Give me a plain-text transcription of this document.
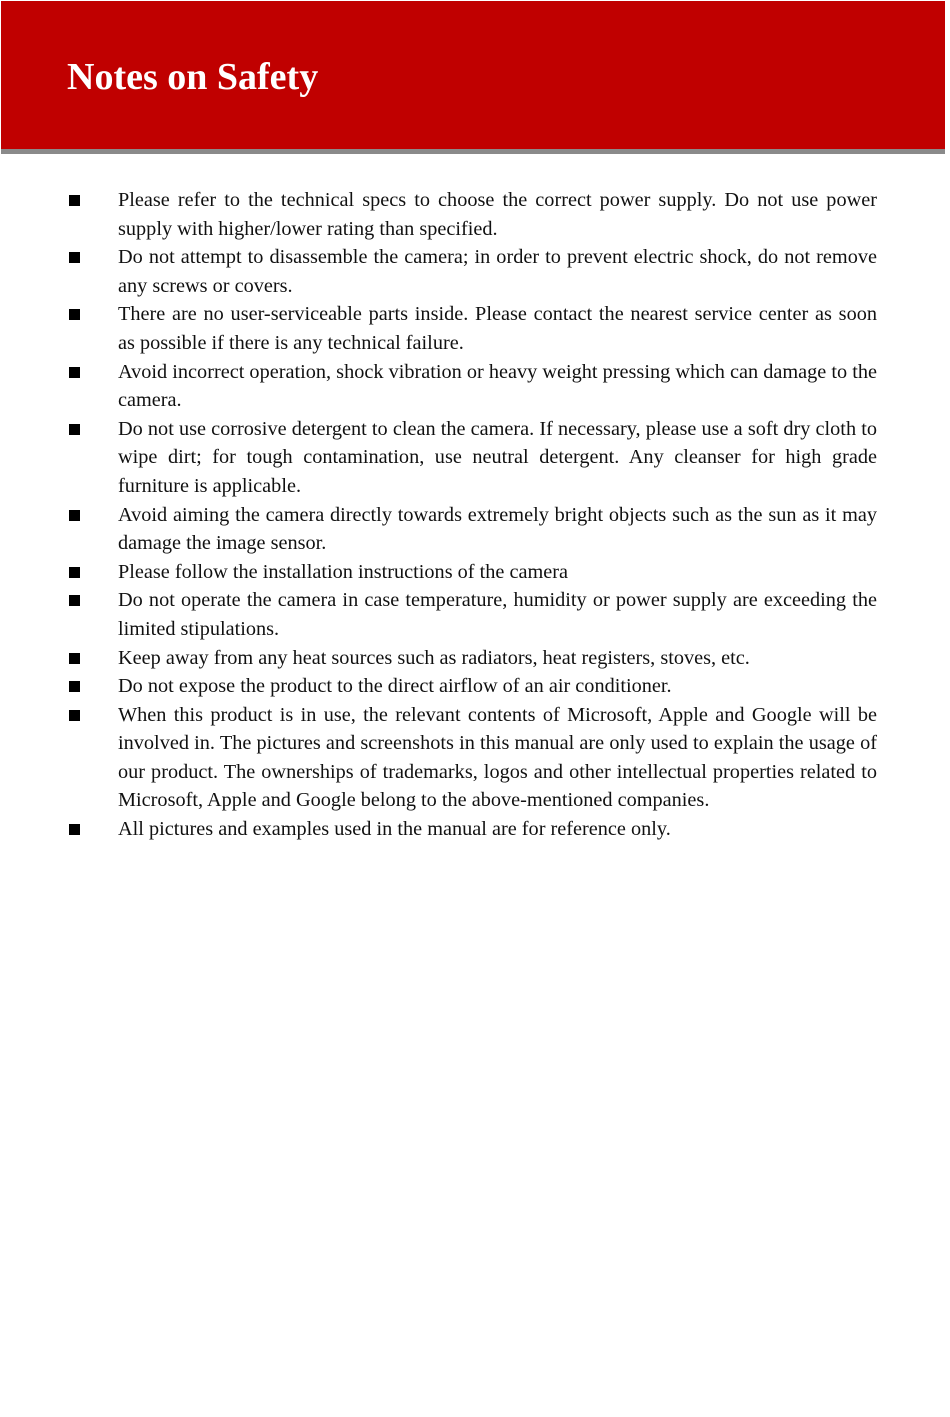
Notes on Safety
Please refer to the technical specs to choose the correct power supply. Do not use power supply with higher/lower rating than specified.
Do not attempt to disassemble the camera; in order to prevent electric shock, do not remove any screws or covers.
There are no user-serviceable parts inside. Please contact the nearest service center as soon as possible if there is any technical failure.
Avoid incorrect operation, shock vibration or heavy weight pressing which can damage to the camera.
Do not use corrosive detergent to clean the camera. If necessary, please use a soft dry cloth to wipe dirt; for tough contamination, use neutral detergent. Any cleanser for high grade furniture is applicable.
Avoid aiming the camera directly towards extremely bright objects such as the sun as it may damage the image sensor.
Please follow the installation instructions of the camera
Do not operate the camera in case temperature, humidity or power supply are exceeding the limited stipulations.
Keep away from any heat sources such as radiators, heat registers, stoves, etc.
Do not expose the product to the direct airflow of an air conditioner.
When this product is in use, the relevant contents of Microsoft, Apple and Google will be involved in. The pictures and screenshots in this manual are only used to explain the usage of our product. The ownerships of trademarks, logos and other intellectual properties related to Microsoft, Apple and Google belong to the above-mentioned companies.
All pictures and examples used in the manual are for reference only.
